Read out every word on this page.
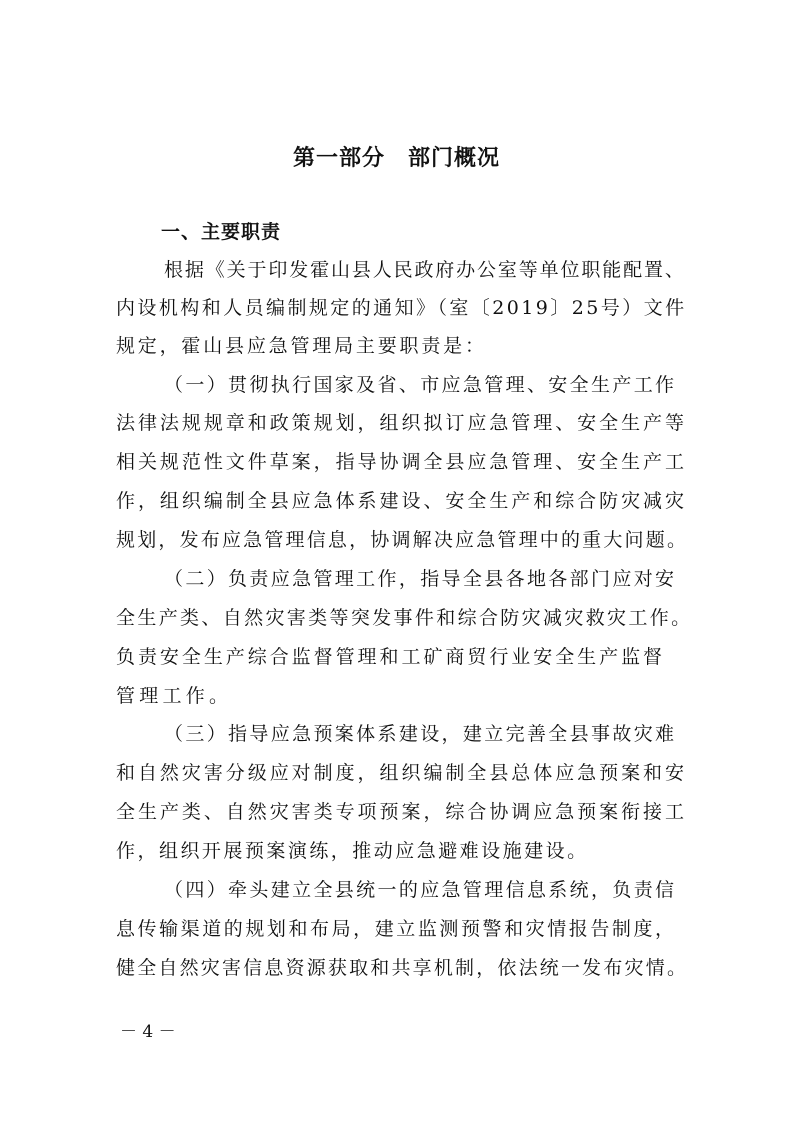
第一部分　部门概况
一、主要职责
根据《关于印发霍山县人民政府办公室等单位职能配置、
内设机构和人员编制规定的通知》（室〔2019〕25号）文件
规定，霍山县应急管理局主要职责是：
（一）贯彻执行国家及省、市应急管理、安全生产工作
法律法规规章和政策规划，组织拟订应急管理、安全生产等
相关规范性文件草案，指导协调全县应急管理、安全生产工
作，组织编制全县应急体系建设、安全生产和综合防灾减灾
规划，发布应急管理信息，协调解决应急管理中的重大问题。
（二）负责应急管理工作，指导全县各地各部门应对安
全生产类、自然灾害类等突发事件和综合防灾减灾救灾工作。
负责安全生产综合监督管理和工矿商贸行业安全生产监督
管理工作。
（三）指导应急预案体系建设，建立完善全县事故灾难
和自然灾害分级应对制度，组织编制全县总体应急预案和安
全生产类、自然灾害类专项预案，综合协调应急预案衔接工
作，组织开展预案演练，推动应急避难设施建设。
（四）牵头建立全县统一的应急管理信息系统，负责信
息传输渠道的规划和布局，建立监测预警和灾情报告制度，
健全自然灾害信息资源获取和共享机制，依法统一发布灾情。
－ 4 －
